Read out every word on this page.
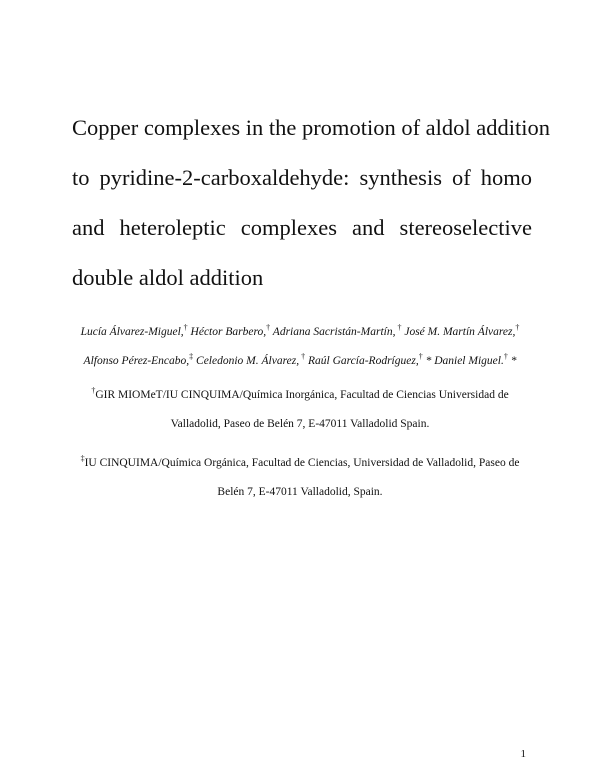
Copper complexes in the promotion of aldol addition
to pyridine-2-carboxaldehyde: synthesis of homo
and heteroleptic complexes and stereoselective
double aldol addition
Lucía Álvarez-Miguel,† Héctor Barbero,† Adriana Sacristán-Martín, † José M. Martín Álvarez,†
Alfonso Pérez-Encabo,‡ Celedonio M. Álvarez, † Raúl García-Rodríguez,† * Daniel Miguel.† *
†GIR MIOMeT/IU CINQUIMA/Química Inorgánica, Facultad de Ciencias Universidad de
Valladolid, Paseo de Belén 7, E-47011 Valladolid Spain.
‡IU CINQUIMA/Química Orgánica, Facultad de Ciencias, Universidad de Valladolid, Paseo de
Belén 7, E-47011 Valladolid, Spain.
1
